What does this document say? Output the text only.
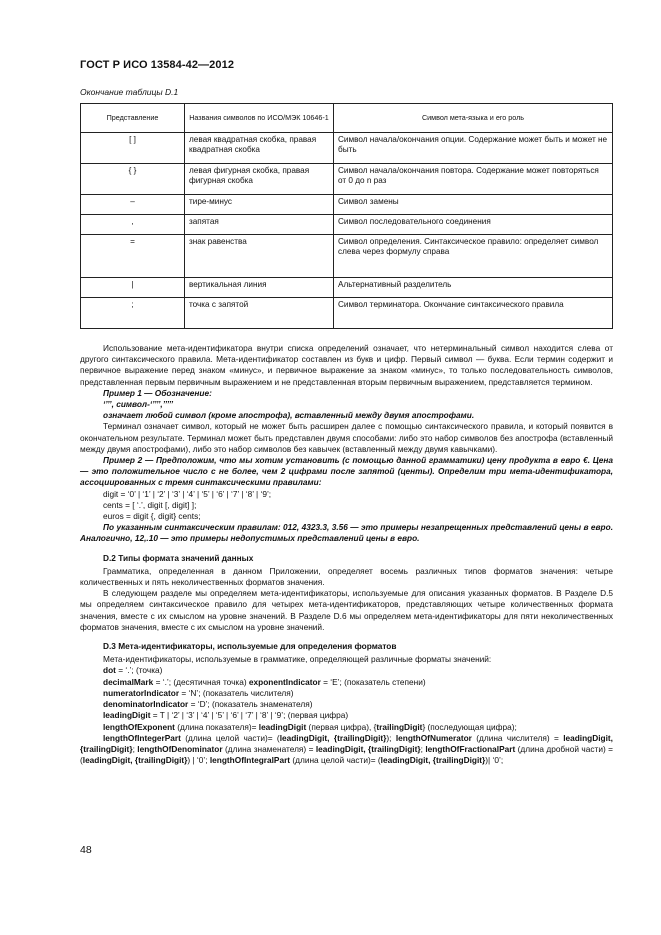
ГОСТ Р ИСО 13584-42—2012
Окончание таблицы D.1
Представление	Названия символов по ИСО/МЭК 10646-1	Символ мета-языка и его роль
[ ]	левая квадратная скобка, правая квадратная скобка	Символ начала/окончания опции. Содержание может быть и может не быть
{ }	левая фигурная скобка, правая фигурная скобка	Символ начала/окончания повтора. Содержание может повторяться от 0 до n раз
–	тире-минус	Символ замены
,	запятая	Символ последовательного соединения
=	знак равенства	Символ определения. Синтаксическое правило: определяет символ слева через формулу справа
|	вертикальная линия	Альтернативный разделитель
;	точка с запятой	Символ терминатора. Окончание синтаксического правила

Использование мета-идентификатора внутри списка определений означает, что нетерминальный символ находится слева от другого синтаксического правила. Мета-идентификатор составлен из букв и цифр. Первый символ — буква. Если термин содержит и первичное выражение перед знаком «минус», и первичное выражение за знаком «минус», то только последовательность символов, представленная первым первичным выражением и не представленная вторым первичным выражением, представляется термином.

Пример 1 — Обозначение:

‘’’’, символ-‘’’’’,’’’’’

означает любой символ (кроме апострофа), вставленный между двумя апострофами.

Терминал означает символ, который не может быть расширен далее с помощью синтаксического правила, и который появится в окончательном результате. Терминал может быть представлен двумя способами: либо это набор символов без апострофа (вставленный между двумя апострофами), либо это набор символов без кавычек (вставленный между двумя кавычками).

Пример 2 — Предположим, что мы хотим установить (с помощью данной грамматики) цену продукта в евро €. Цена — это положительное число с не более, чем 2 цифрами после запятой (центы). Определим три мета-идентификатора, ассоциированных с тремя синтаксическими правилами:

digit = ‘0’ | ‘1’ | ‘2’ | ‘3’ | ‘4’ | ‘5’ | ‘6’ | ‘7’ | ‘8’ | ‘9’;

cents = [ ‘.’, digit [, digit] ];

euros = digit {, digit} cents;

По указанным синтаксическим правилам: 012, 4323.3, 3.56 — это примеры незапрещенных представлений цены в евро. Аналогично, 12,.10 — это примеры недопустимых представлений цены в евро.

D.2 Типы формата значений данных

Грамматика, определенная в данном Приложении, определяет восемь различных типов форматов значения: четыре количественных и пять неколичественных форматов значения.

В следующем разделе мы определяем мета-идентификаторы, используемые для описания указанных форматов. В Разделе D.5 мы определяем синтаксическое правило для четырех мета-идентификаторов, представляющих четыре количественных формата значения, вместе с их смыслом на уровне значений. В Разделе D.6 мы определяем мета-идентификаторы для пяти неколичественных форматов значения, вместе с их смыслом на уровне значений.

D.3 Мета-идентификаторы, используемые для определения форматов

Мета-идентификаторы, используемые в грамматике, определяющей различные форматы значений:

dot = ‘.’; (точка)

decimalMark = ‘.’; (десятичная точка) exponentIndicator = ‘E’; (показатель степени)

numeratorIndicator = ‘N’; (показатель числителя)

denominatorIndicator = ‘D’; (показатель знаменателя)

leadingDigit = T | ‘2’ | ‘3’ | ‘4’ | ‘5’ | ‘6’ | ‘7’ | ‘8’ | ‘9’; (первая цифра)

lengthOfExponent (длина показателя)= leadingDigit (первая цифра), {trailingDigit} (последующая цифра);

lengthOfIntegerPart (длина целой части)= (leadingDigit, {trailingDigit}); lengthOfNumerator (длина числителя) = leadingDigit, {trailingDigit}; lengthOfDenominator (длина знаменателя) = leadingDigit, {trailingDigit}; lengthOfFractionalPart (длина дробной части) = (leadingDigit, {trailingDigit}) | ‘0’; lengthOfIntegralPart (длина целой части)= (leadingDigit, {trailingDigit})| ‘0’;

48
